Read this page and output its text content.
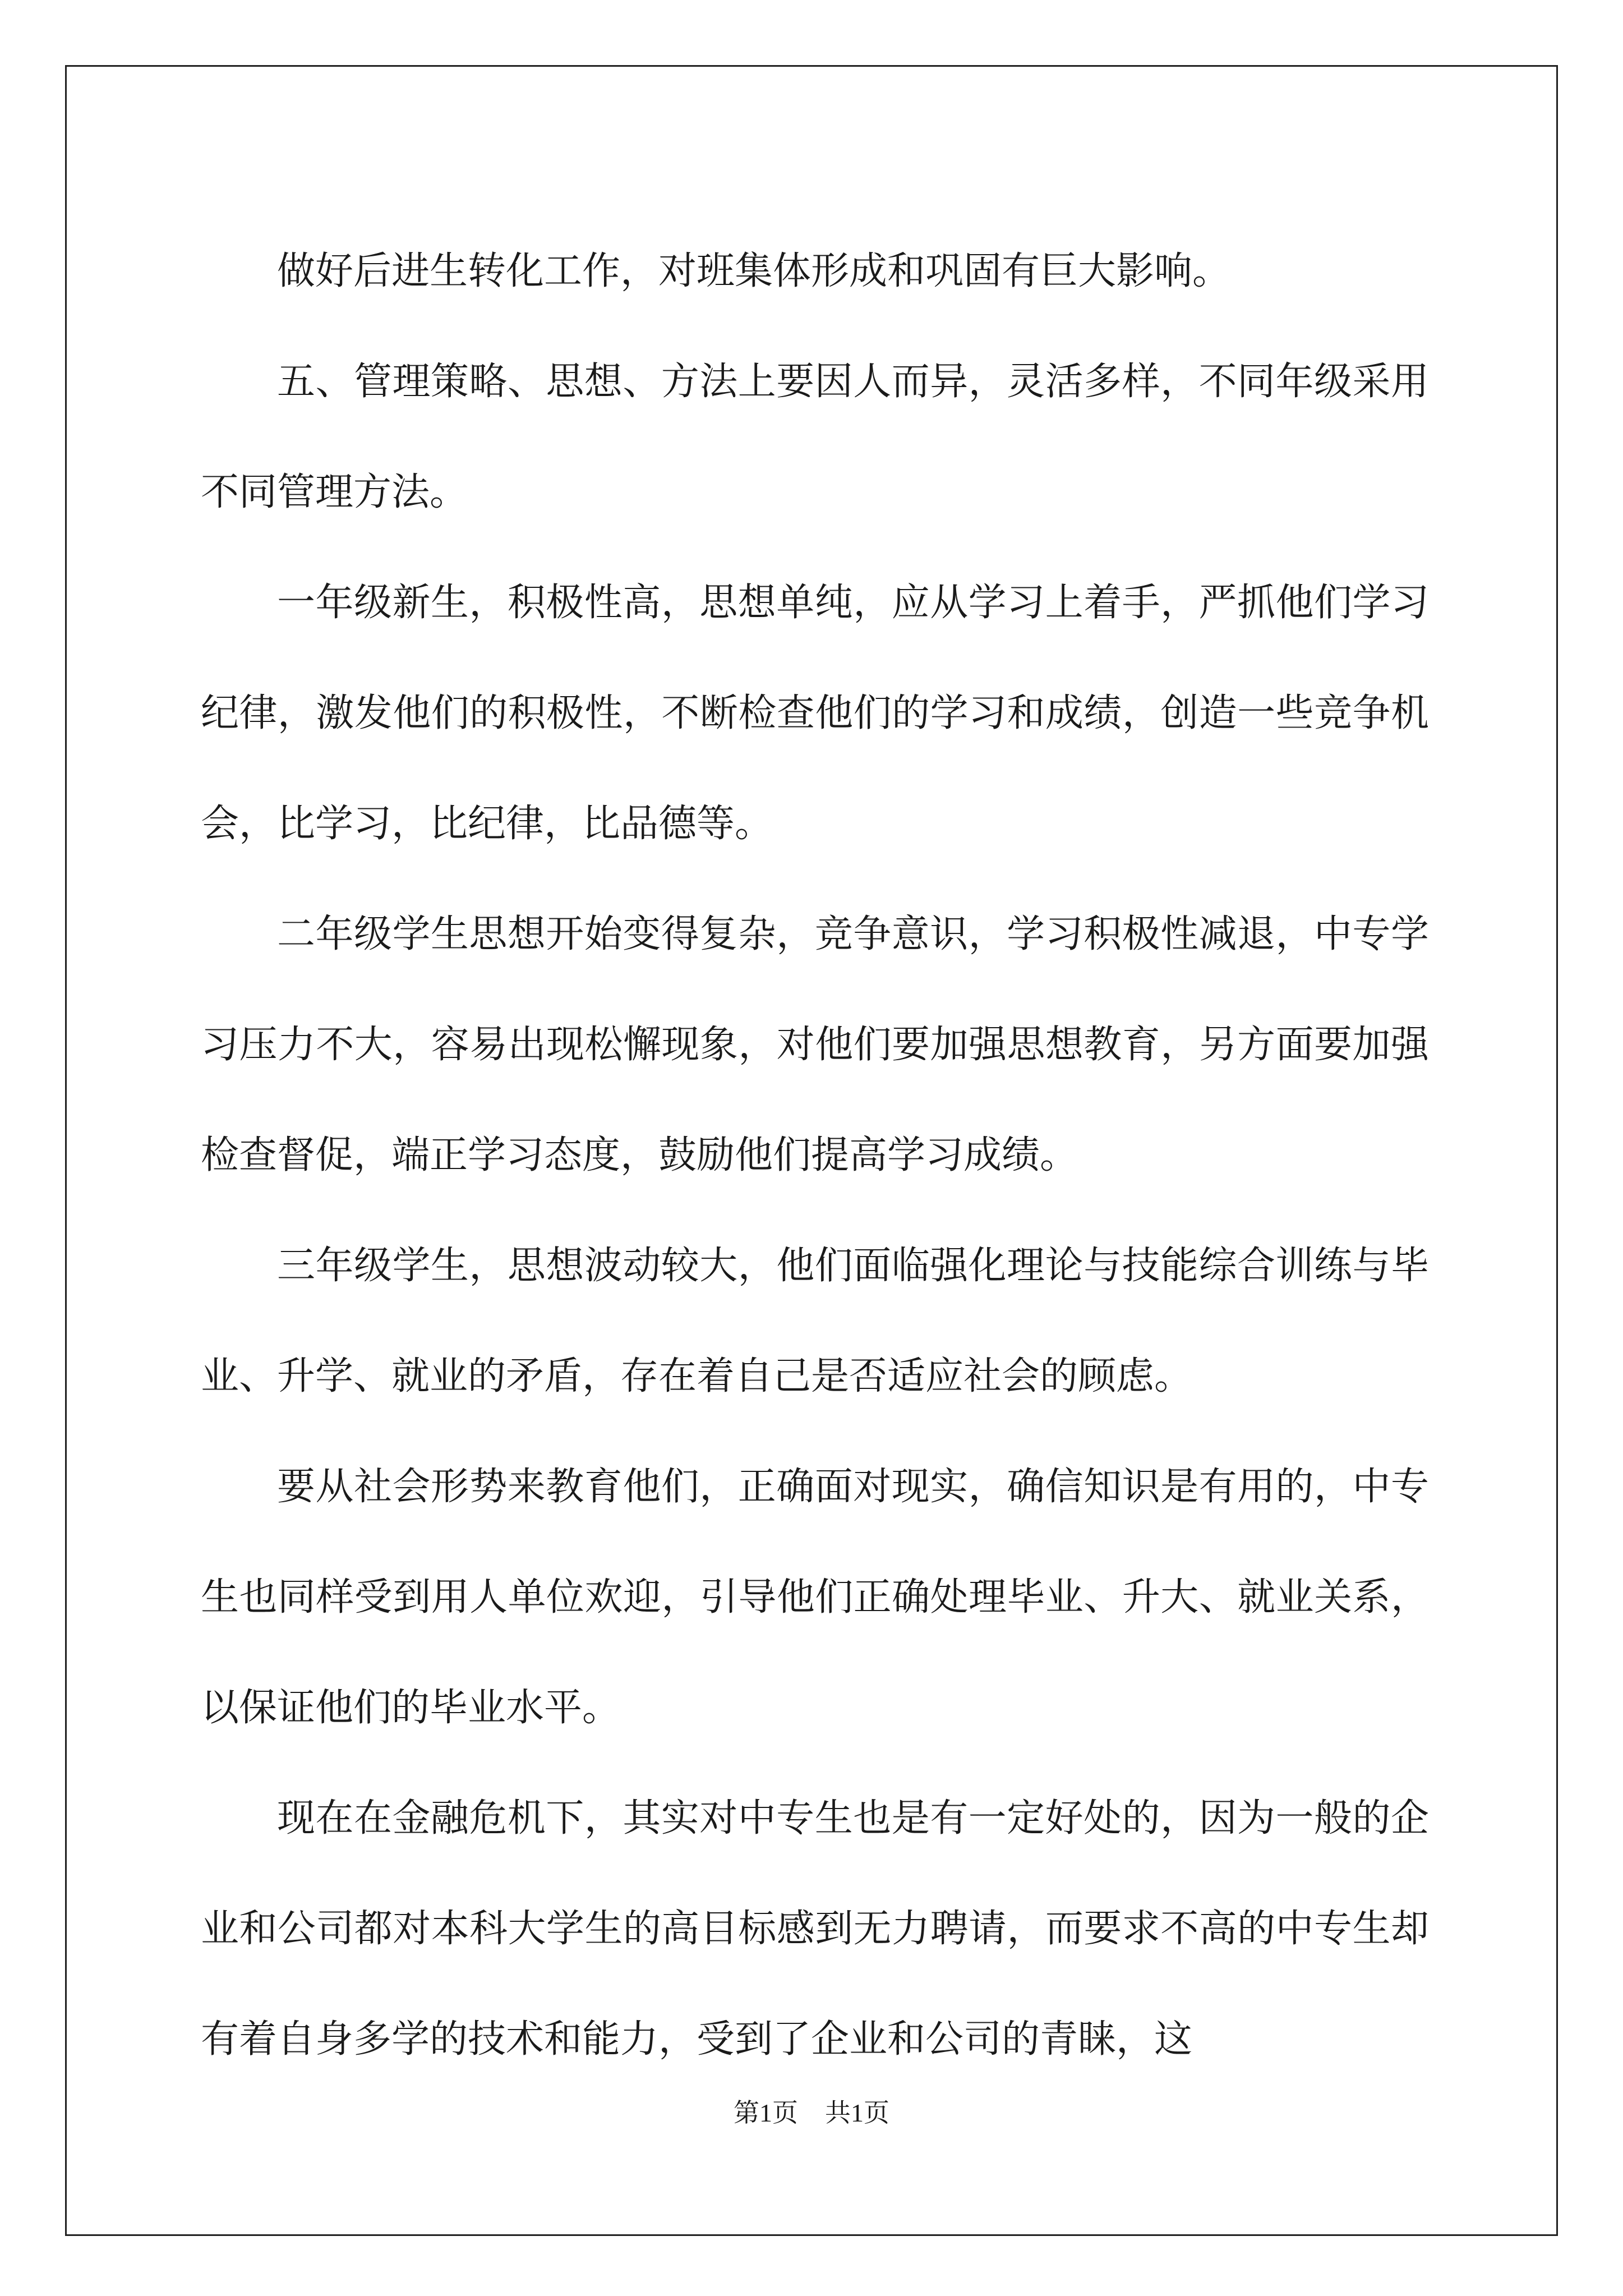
做好后进生转化工作，对班集体形成和巩固有巨大影响。

五、管理策略、思想、方法上要因人而异，灵活多样，不同年级采用不同管理方法。

一年级新生，积极性高，思想单纯，应从学习上着手，严抓他们学习纪律，激发他们的积极性，不断检查他们的学习和成绩，创造一些竞争机会，比学习，比纪律，比品德等。

二年级学生思想开始变得复杂，竞争意识，学习积极性减退，中专学习压力不大，容易出现松懈现象，对他们要加强思想教育，另方面要加强检查督促，端正学习态度，鼓励他们提高学习成绩。

三年级学生，思想波动较大，他们面临强化理论与技能综合训练与毕业、升学、就业的矛盾，存在着自己是否适应社会的顾虑。

要从社会形势来教育他们，正确面对现实，确信知识是有用的，中专生也同样受到用人单位欢迎，引导他们正确处理毕业、升大、就业关系，以保证他们的毕业水平。

现在在金融危机下，其实对中专生也是有一定好处的，因为一般的企业和公司都对本科大学生的高目标感到无力聘请，而要求不高的中专生却有着自身多学的技术和能力，受到了企业和公司的青睐，这

第1页 共1页
